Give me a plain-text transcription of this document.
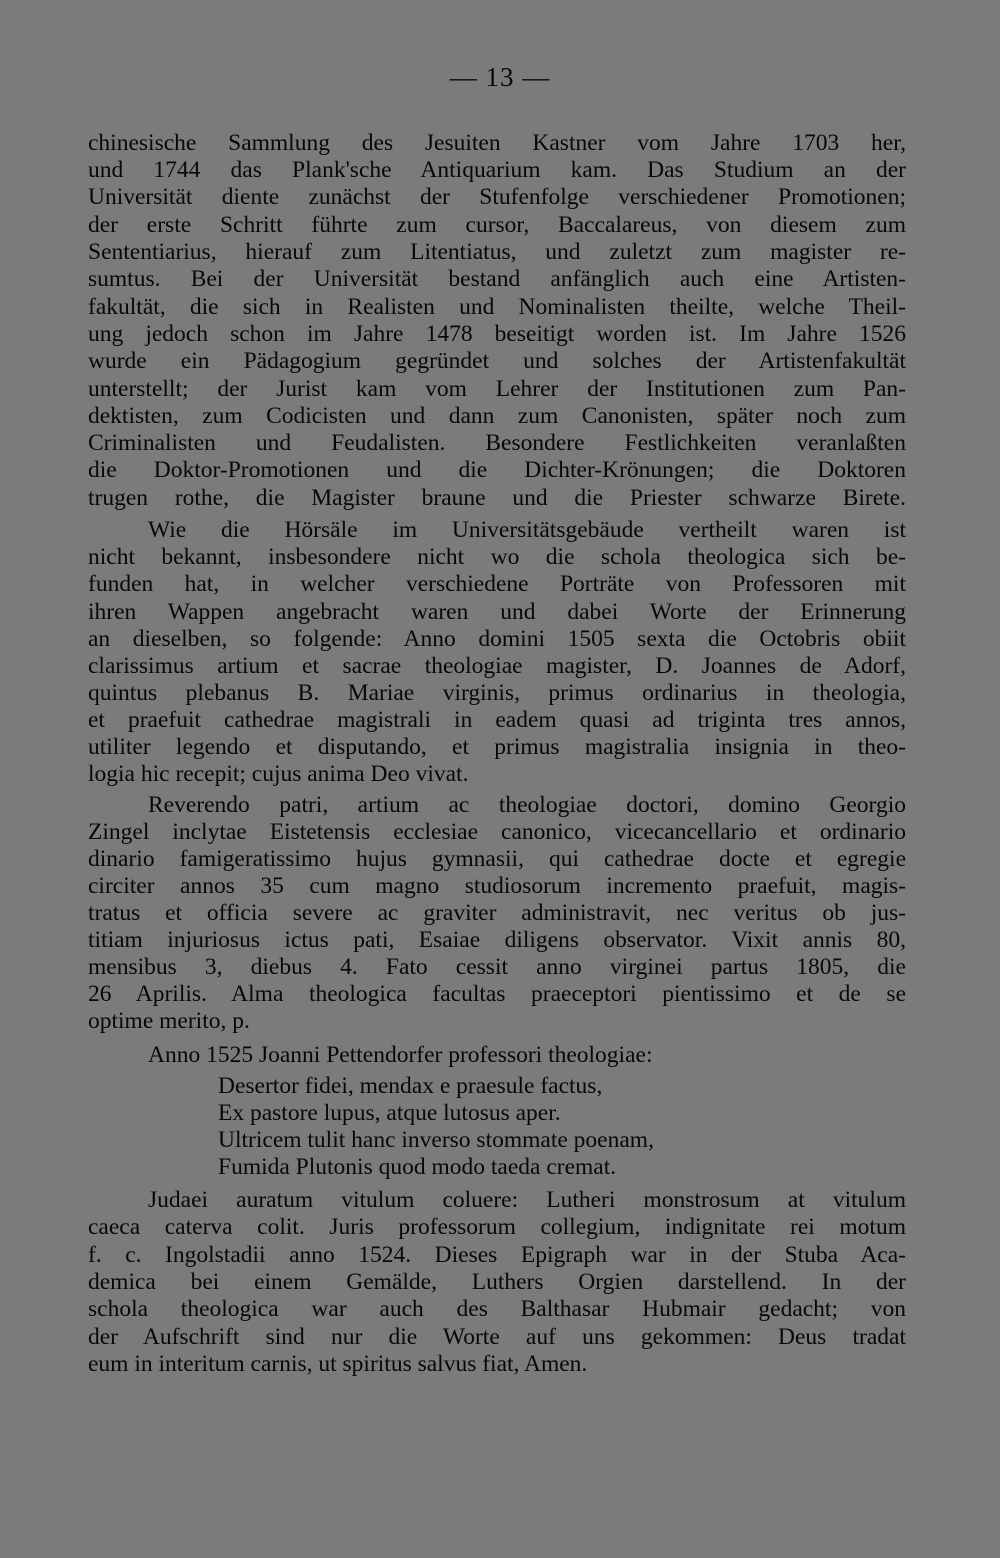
— 13 —
chinesische Sammlung des Jesuiten Kastner vom Jahre 1703 her,
und 1744 das Plank'sche Antiquarium kam. Das Studium an der
Universität diente zunächst der Stufenfolge verschiedener Promotionen;
der erste Schritt führte zum cursor, Baccalareus, von diesem zum
Sententiarius, hierauf zum Litentiatus, und zuletzt zum magister re-
sumtus. Bei der Universität bestand anfänglich auch eine Artisten-
fakultät, die sich in Realisten und Nominalisten theilte, welche Theil-
ung jedoch schon im Jahre 1478 beseitigt worden ist. Im Jahre 1526
wurde ein Pädagogium gegründet und solches der Artistenfakultät
unterstellt; der Jurist kam vom Lehrer der Institutionen zum Pan-
dektisten, zum Codicisten und dann zum Canonisten, später noch zum
Criminalisten und Feudalisten. Besondere Festlichkeiten veranlaßten
die Doktor-Promotionen und die Dichter-Krönungen; die Doktoren
trugen rothe, die Magister braune und die Priester schwarze Birete.
Wie die Hörsäle im Universitätsgebäude vertheilt waren ist
nicht bekannt, insbesondere nicht wo die schola theologica sich be-
funden hat, in welcher verschiedene Porträte von Professoren mit
ihren Wappen angebracht waren und dabei Worte der Erinnerung
an dieselben, so folgende: Anno domini 1505 sexta die Octobris obiit
clarissimus artium et sacrae theologiae magister, D. Joannes de Adorf,
quintus plebanus B. Mariae virginis, primus ordinarius in theologia,
et praefuit cathedrae magistrali in eadem quasi ad triginta tres annos,
utiliter legendo et disputando, et primus magistralia insignia in theo-
logia hic recepit; cujus anima Deo vivat.
Reverendo patri, artium ac theologiae doctori, domino Georgio
Zingel inclytae Eistetensis ecclesiae canonico, vicecancellario et ordinario
dinario famigeratissimo hujus gymnasii, qui cathedrae docte et egregie
circiter annos 35 cum magno studiosorum incremento praefuit, magis-
tratus et officia severe ac graviter administravit, nec veritus ob jus-
titiam injuriosus ictus pati, Esaiae diligens observator. Vixit annis 80,
mensibus 3, diebus 4. Fato cessit anno virginei partus 1805, die
26 Aprilis. Alma theologica facultas praeceptori pientissimo et de se
optime merito, p.
Anno 1525 Joanni Pettendorfer professori theologiae:
Desertor fidei, mendax e praesule factus,
Ex pastore lupus, atque lutosus aper.
Ultricem tulit hanc inverso stommate poenam,
Fumida Plutonis quod modo taeda cremat.
Judaei auratum vitulum coluere: Lutheri monstrosum at vitulum
caeca caterva colit. Juris professorum collegium, indignitate rei motum
f. c. Ingolstadii anno 1524. Dieses Epigraph war in der Stuba Aca-
demica bei einem Gemälde, Luthers Orgien darstellend. In der
schola theologica war auch des Balthasar Hubmair gedacht; von
der Aufschrift sind nur die Worte auf uns gekommen: Deus tradat
eum in interitum carnis, ut spiritus salvus fiat, Amen.
